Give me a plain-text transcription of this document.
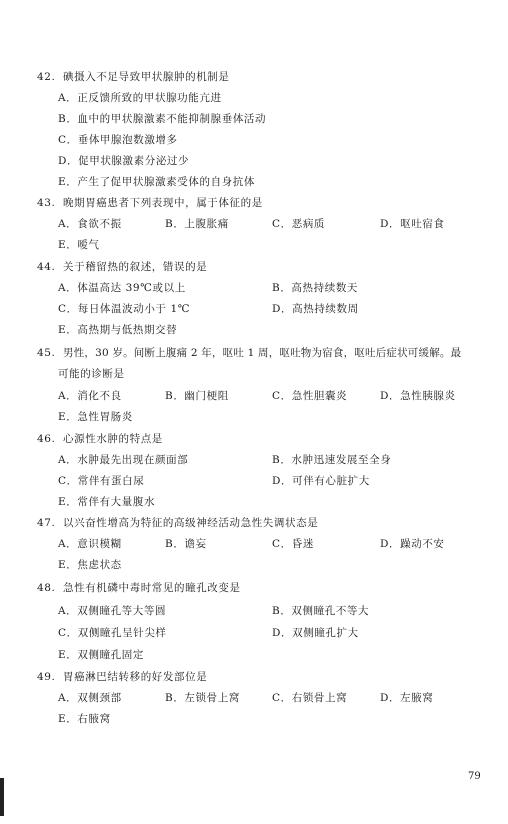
42. 碘摄入不足导致甲状腺肿的机制是
A．正反馈所致的甲状腺功能亢进
B．血中的甲状腺激素不能抑制腺垂体活动
C．垂体甲腺泡数激增多
D．促甲状腺激素分泌过少
E．产生了促甲状腺激素受体的自身抗体
43. 晚期胃癌患者下列表现中，属于体征的是
A．食欲不振	B．上腹胀痛	C．恶病质	D．呕吐宿食
E．嗳气
44. 关于稽留热的叙述，错误的是
A．体温高达 39℃或以上	B．高热持续数天
C．每日体温波动小于 1℃	D．高热持续数周
E．高热期与低热期交替
45. 男性，30 岁。间断上腹痛 2 年，呕吐 1 周，呕吐物为宿食，呕吐后症状可缓解。最
可能的诊断是
A．消化不良	B．幽门梗阻	C．急性胆囊炎	D．急性胰腺炎
E．急性胃肠炎
46. 心源性水肿的特点是
A．水肿最先出现在颜面部	B．水肿迅速发展至全身
C．常伴有蛋白尿	D．可伴有心脏扩大
E．常伴有大量腹水
47. 以兴奋性增高为特征的高级神经活动急性失调状态是
A．意识模糊	B．谵妄	C．昏迷	D．躁动不安
E．焦虑状态
48. 急性有机磷中毒时常见的瞳孔改变是
A．双侧瞳孔等大等圆	B．双侧瞳孔不等大
C．双侧瞳孔呈针尖样	D．双侧瞳孔扩大
E．双侧瞳孔固定
49. 胃癌淋巴结转移的好发部位是
A．双侧颈部	B．左锁骨上窝	C．右锁骨上窝	D．左腋窝
E．右腋窝
79
